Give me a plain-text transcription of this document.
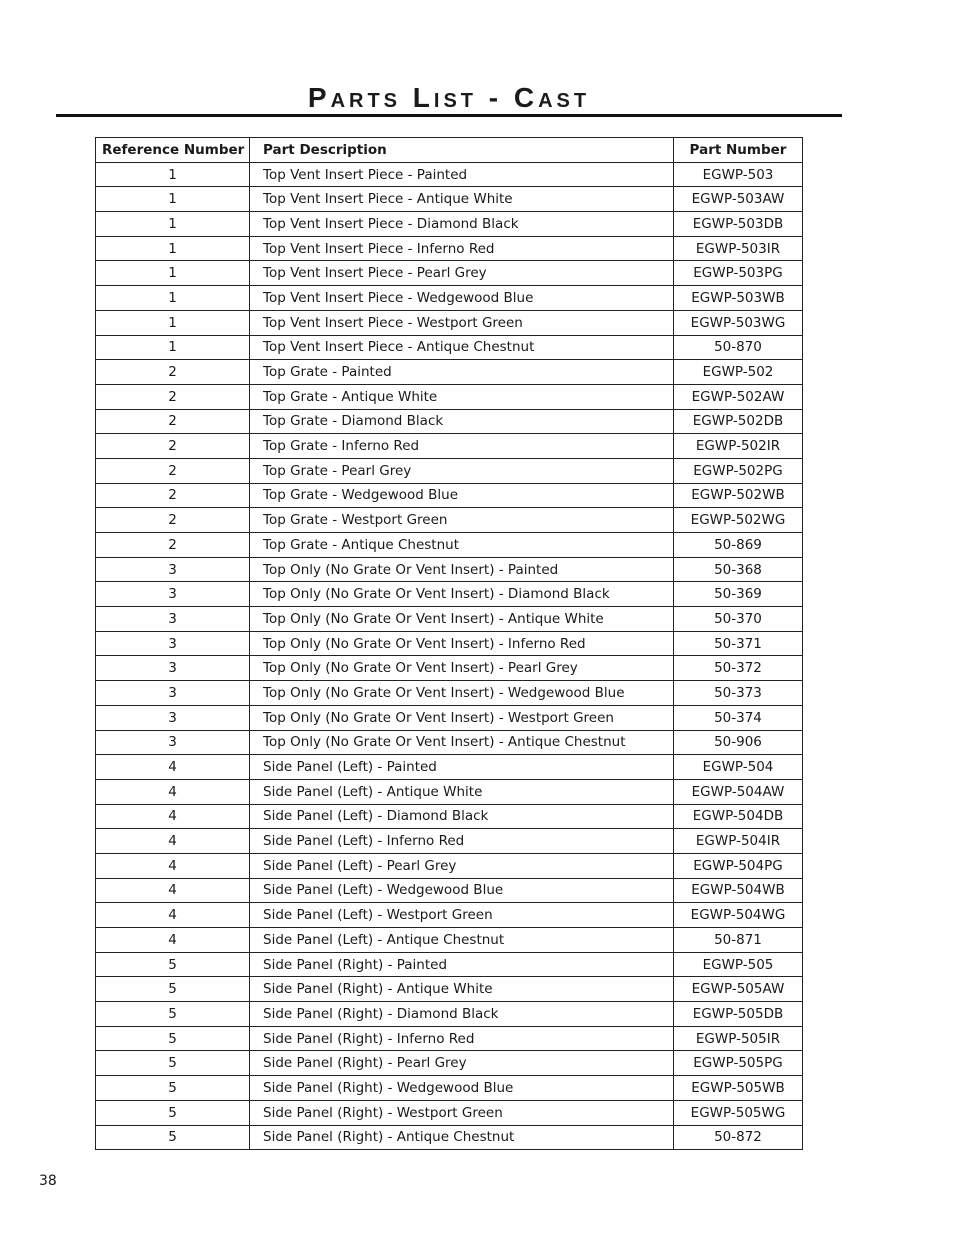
Parts List - Cast
Reference Number	Part Description	Part Number
1	Top Vent Insert Piece - Painted	EGWP-503
1	Top Vent Insert Piece - Antique White	EGWP-503AW
1	Top Vent Insert Piece - Diamond Black	EGWP-503DB
1	Top Vent Insert Piece - Inferno Red	EGWP-503IR
1	Top Vent Insert Piece - Pearl Grey	EGWP-503PG
1	Top Vent Insert Piece - Wedgewood Blue	EGWP-503WB
1	Top Vent Insert Piece - Westport Green	EGWP-503WG
1	Top Vent Insert Piece - Antique Chestnut	50-870
2	Top Grate - Painted	EGWP-502
2	Top Grate - Antique White	EGWP-502AW
2	Top Grate - Diamond Black	EGWP-502DB
2	Top Grate - Inferno Red	EGWP-502IR
2	Top Grate - Pearl Grey	EGWP-502PG
2	Top Grate - Wedgewood Blue	EGWP-502WB
2	Top Grate - Westport Green	EGWP-502WG
2	Top Grate - Antique Chestnut	50-869
3	Top Only (No Grate Or Vent Insert) - Painted	50-368
3	Top Only (No Grate Or Vent Insert) - Diamond Black	50-369
3	Top Only (No Grate Or Vent Insert) - Antique White	50-370
3	Top Only (No Grate Or Vent Insert) - Inferno Red	50-371
3	Top Only (No Grate Or Vent Insert) - Pearl Grey	50-372
3	Top Only (No Grate Or Vent Insert) - Wedgewood Blue	50-373
3	Top Only (No Grate Or Vent Insert) - Westport Green	50-374
3	Top Only (No Grate Or Vent Insert) - Antique Chestnut	50-906
4	Side Panel (Left) - Painted	EGWP-504
4	Side Panel (Left) - Antique White	EGWP-504AW
4	Side Panel (Left) - Diamond Black	EGWP-504DB
4	Side Panel (Left) - Inferno Red	EGWP-504IR
4	Side Panel (Left) - Pearl Grey	EGWP-504PG
4	Side Panel (Left) - Wedgewood Blue	EGWP-504WB
4	Side Panel (Left) - Westport Green	EGWP-504WG
4	Side Panel (Left) - Antique Chestnut	50-871
5	Side Panel (Right) - Painted	EGWP-505
5	Side Panel (Right) - Antique White	EGWP-505AW
5	Side Panel (Right) - Diamond Black	EGWP-505DB
5	Side Panel (Right) - Inferno Red	EGWP-505IR
5	Side Panel (Right) - Pearl Grey	EGWP-505PG
5	Side Panel (Right) - Wedgewood Blue	EGWP-505WB
5	Side Panel (Right) - Westport Green	EGWP-505WG
5	Side Panel (Right) - Antique Chestnut	50-872
38
